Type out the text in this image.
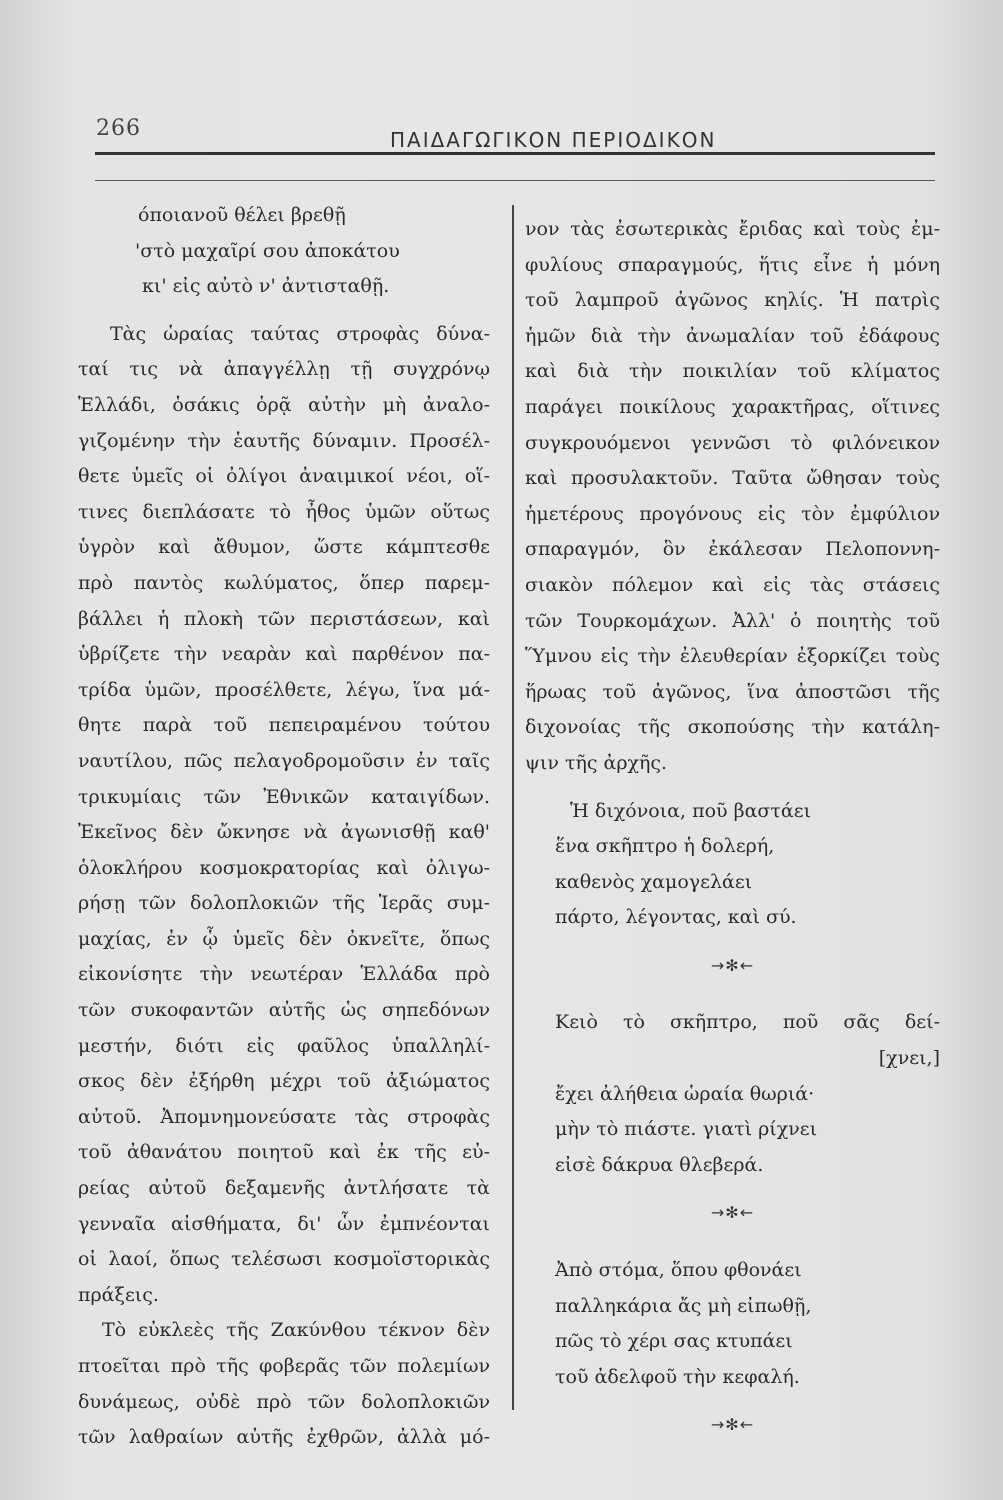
266	ΠΑΙΔΑΓΩΓΙΚΟΝ ΠΕΡΙΟΔΙΚΟΝ
όποιανοῦ θέλει βρεθῇ
'στὸ μαχαῖρί σου ἀποκάτου
κι' εἰς αὐτὸ ν' ἀντισταθῇ.
Τὰς ὡραίας ταύτας στροφὰς δύνα-
ταί τις νὰ ἀπαγγέλλῃ τῇ συγχρόνῳ
Ἑλλάδι, ὁσάκις ὁρᾷ αὐτὴν μὴ ἀναλο-
γιζομένην τὴν ἑαυτῆς δύναμιν. Προσέλ-
θετε ὑμεῖς οἱ ὀλίγοι ἀναιμικοί νέοι, οἵ-
τινες διεπλάσατε τὸ ἦθος ὑμῶν οὕτως
ὑγρὸν καὶ ἄθυμον, ὥστε κάμπτεσθε
πρὸ παντὸς κωλύματος, ὅπερ παρεμ-
βάλλει ἡ πλοκὴ τῶν περιστάσεων, καὶ
ὑβρίζετε τὴν νεαρὰν καὶ παρθένον πα-
τρίδα ὑμῶν, προσέλθετε, λέγω, ἵνα μά-
θητε παρὰ τοῦ πεπειραμένου τούτου
ναυτίλου, πῶς πελαγοδρομοῦσιν ἐν ταῖς
τρικυμίαις τῶν Ἐθνικῶν καταιγίδων.
Ἐκεῖνος δὲν ὤκνησε νὰ ἀγωνισθῇ καθ'
ὁλοκλήρου κοσμοκρατορίας καὶ ὀλιγω-
ρήσῃ τῶν δολοπλοκιῶν τῆς Ἱερᾶς συμ-
μαχίας, ἐν ᾧ ὑμεῖς δὲν ὀκνεῖτε, ὅπως
εἰκονίσητε τὴν νεωτέραν Ἑλλάδα πρὸ
τῶν συκοφαντῶν αὐτῆς ὡς σηπεδόνων
μεστήν, διότι εἰς φαῦλος ὑπαλληλί-
σκος δὲν ἐξήρθη μέχρι τοῦ ἀξιώματος
αὐτοῦ. Ἀπομνημονεύσατε τὰς στροφὰς
τοῦ ἀθανάτου ποιητοῦ καὶ ἐκ τῆς εὐ-
ρείας αὐτοῦ δεξαμενῆς ἀντλήσατε τὰ
γενναῖα αἰσθήματα, δι' ὧν ἐμπνέονται
οἱ λαοί, ὅπως τελέσωσι κοσμοϊστορικὰς
πράξεις.
Τὸ εὐκλεὲς τῆς Ζακύνθου τέκνον δὲν
πτοεῖται πρὸ τῆς φοβερᾶς τῶν πολεμίων
δυνάμεως, οὐδὲ πρὸ τῶν δολοπλοκιῶν
τῶν λαθραίων αὐτῆς ἐχθρῶν, ἀλλὰ μό-
νον τὰς ἐσωτερικὰς ἔριδας καὶ τοὺς ἐμ-
φυλίους σπαραγμούς, ἥτις εἶνε ἡ μόνη
τοῦ λαμπροῦ ἀγῶνος κηλίς. Ἡ πατρὶς
ἡμῶν διὰ τὴν ἀνωμαλίαν τοῦ ἐδάφους
καὶ διὰ τὴν ποικιλίαν τοῦ κλίματος
παράγει ποικίλους χαρακτῆρας, οἵτινες
συγκρουόμενοι γεννῶσι τὸ φιλόνεικον
καὶ προσυλακτοῦν. Ταῦτα ὤθησαν τοὺς
ἡμετέρους προγόνους εἰς τὸν ἐμφύλιον
σπαραγμόν, ὃν ἐκάλεσαν Πελοποννη-
σιακὸν πόλεμον καὶ εἰς τὰς στάσεις
τῶν Τουρκομάχων. Ἀλλ' ὁ ποιητὴς τοῦ
Ὕμνου εἰς τὴν ἐλευθερίαν ἐξορκίζει τοὺς
ἥρωας τοῦ ἀγῶνος, ἵνα ἀποστῶσι τῆς
διχονοίας τῆς σκοπούσης τὴν κατάλη-
ψιν τῆς ἀρχῆς.
Ἡ διχόνοια, ποῦ βαστάει
ἕνα σκῆπτρο ἡ δολερή,
καθενὸς χαμογελάει
πάρτο, λέγοντας, καὶ σύ.
→✻←
Κειὸ τὸ σκῆπτρο, ποῦ σᾶς δεί-
[χνει,]
ἔχει ἀλήθεια ὡραία θωριά·
μὴν τὸ πιάστε. γιατὶ ρίχνει
εἰσὲ δάκρυα θλεβερά.
→✻←
Ἀπὸ στόμα, ὅπου φθονάει
παλληκάρια ἄς μὴ εἰπωθῇ,
πῶς τὸ χέρι σας κτυπάει
τοῦ ἀδελφοῦ τὴν κεφαλή.
→✻←
